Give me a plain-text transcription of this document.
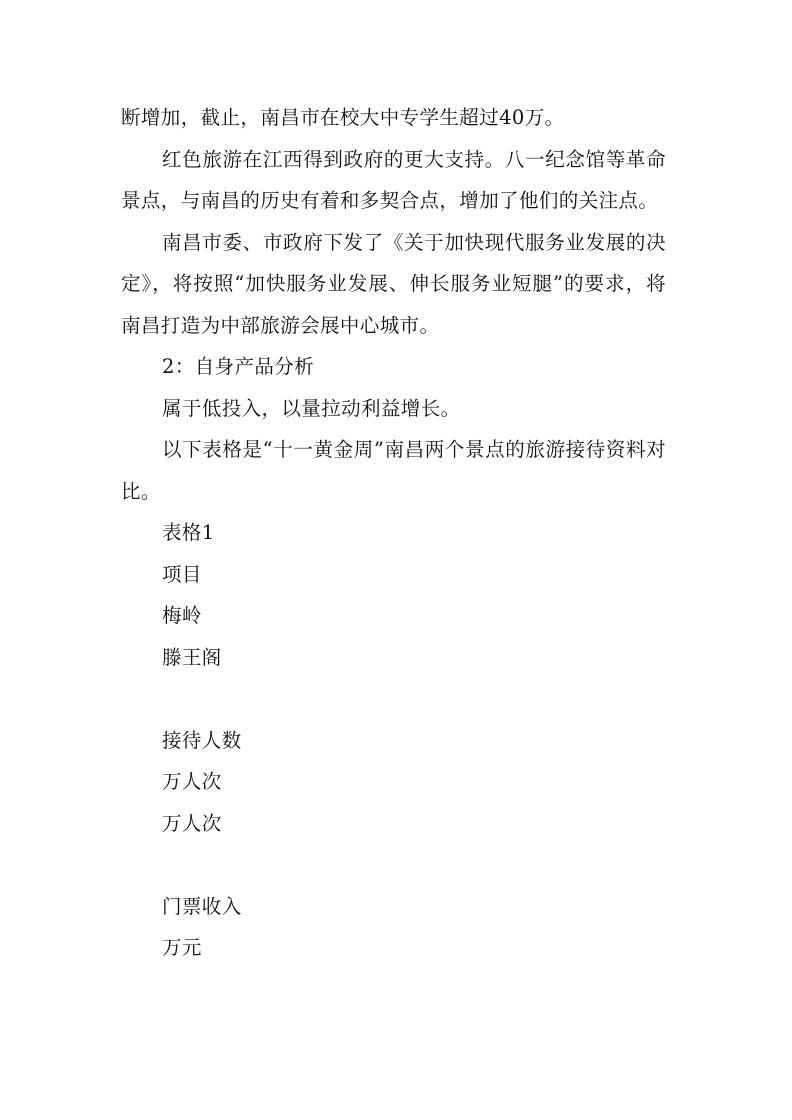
断增加，截止，南昌市在校大中专学生超过40万。

红色旅游在江西得到政府的更大支持。八一纪念馆等革命景点，与南昌的历史有着和多契合点，增加了他们的关注点。

南昌市委、市政府下发了《关于加快现代服务业发展的决定》，将按照“加快服务业发展、伸长服务业短腿”的要求，将南昌打造为中部旅游会展中心城市。

2：自身产品分析

属于低投入，以量拉动利益增长。

以下表格是“十一黄金周”南昌两个景点的旅游接待资料对比。

表格1

项目

梅岭

滕王阁

接待人数

万人次

万人次

门票收入

万元
